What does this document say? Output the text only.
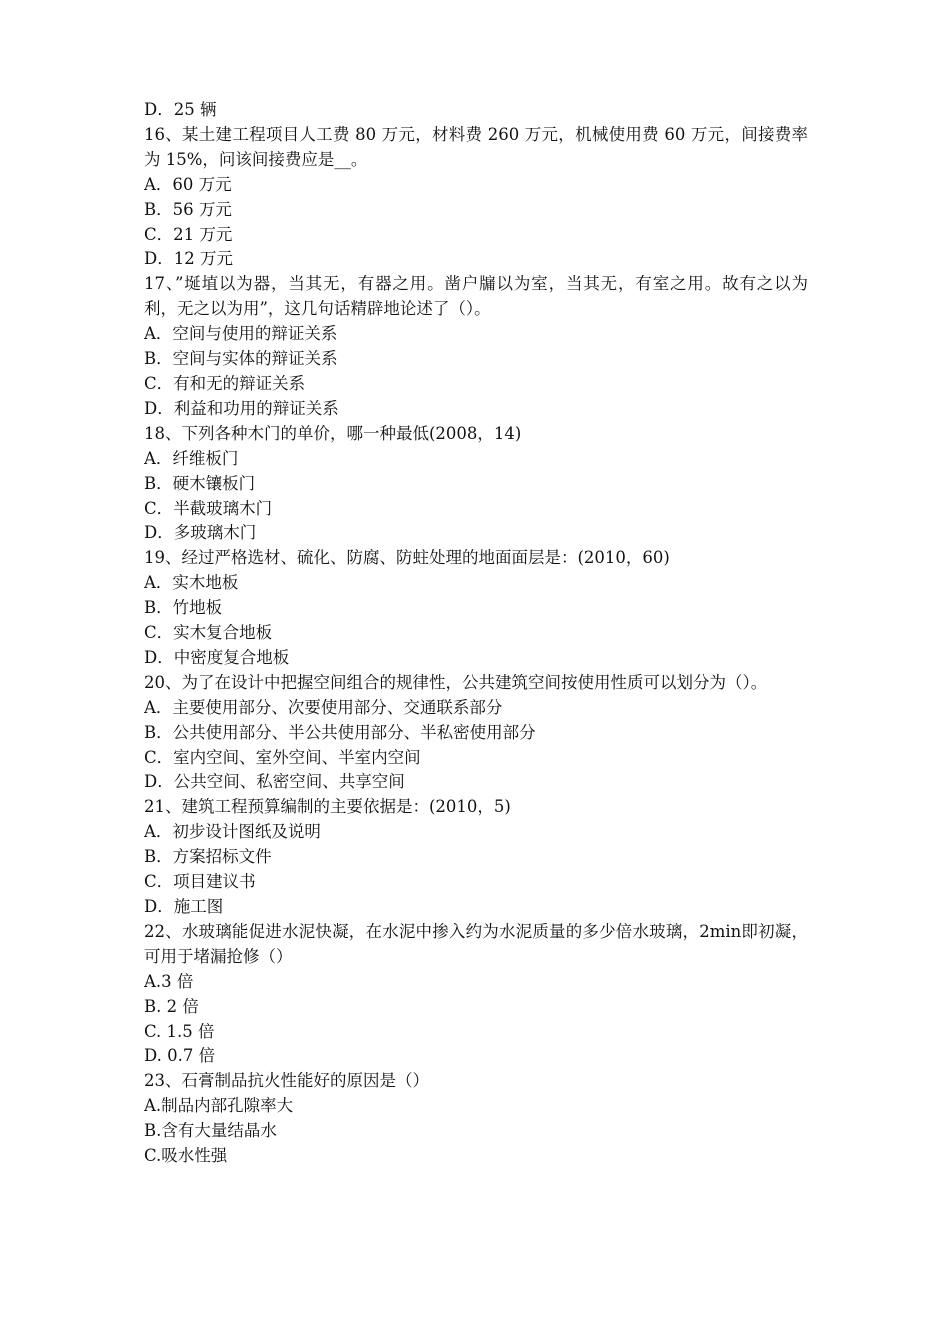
D．25 辆
16、某土建工程项目人工费 80 万元，材料费 260 万元，机械使用费 60 万元，间接费率为 15%，问该间接费应是__。
A．60 万元
B．56 万元
C．21 万元
D．12 万元
17、”埏埴以为器，当其无，有器之用。凿户牖以为室，当其无，有室之用。故有之以为利，无之以为用”，这几句话精辟地论述了（）。
A．空间与使用的辩证关系
B．空间与实体的辩证关系
C．有和无的辩证关系
D．利益和功用的辩证关系
18、下列各种木门的单价，哪一种最低(2008，14)
A．纤维板门
B．硬木镶板门
C．半截玻璃木门
D．多玻璃木门
19、经过严格选材、硫化、防腐、防蛀处理的地面面层是：(2010，60)
A．实木地板
B．竹地板
C．实木复合地板
D．中密度复合地板
20、为了在设计中把握空间组合的规律性，公共建筑空间按使用性质可以划分为（）。
A．主要使用部分、次要使用部分、交通联系部分
B．公共使用部分、半公共使用部分、半私密使用部分
C．室内空间、室外空间、半室内空间
D．公共空间、私密空间、共享空间
21、建筑工程预算编制的主要依据是：(2010，5)
A．初步设计图纸及说明
B．方案招标文件
C．项目建议书
D．施工图
22、水玻璃能促进水泥快凝，在水泥中掺入约为水泥质量的多少倍水玻璃，2min即初凝，可用于堵漏抢修（）
A.3 倍
B. 2 倍
C. 1.5 倍
D. 0.7 倍
23、石膏制品抗火性能好的原因是（）
A.制品内部孔隙率大
B.含有大量结晶水
C.吸水性强
